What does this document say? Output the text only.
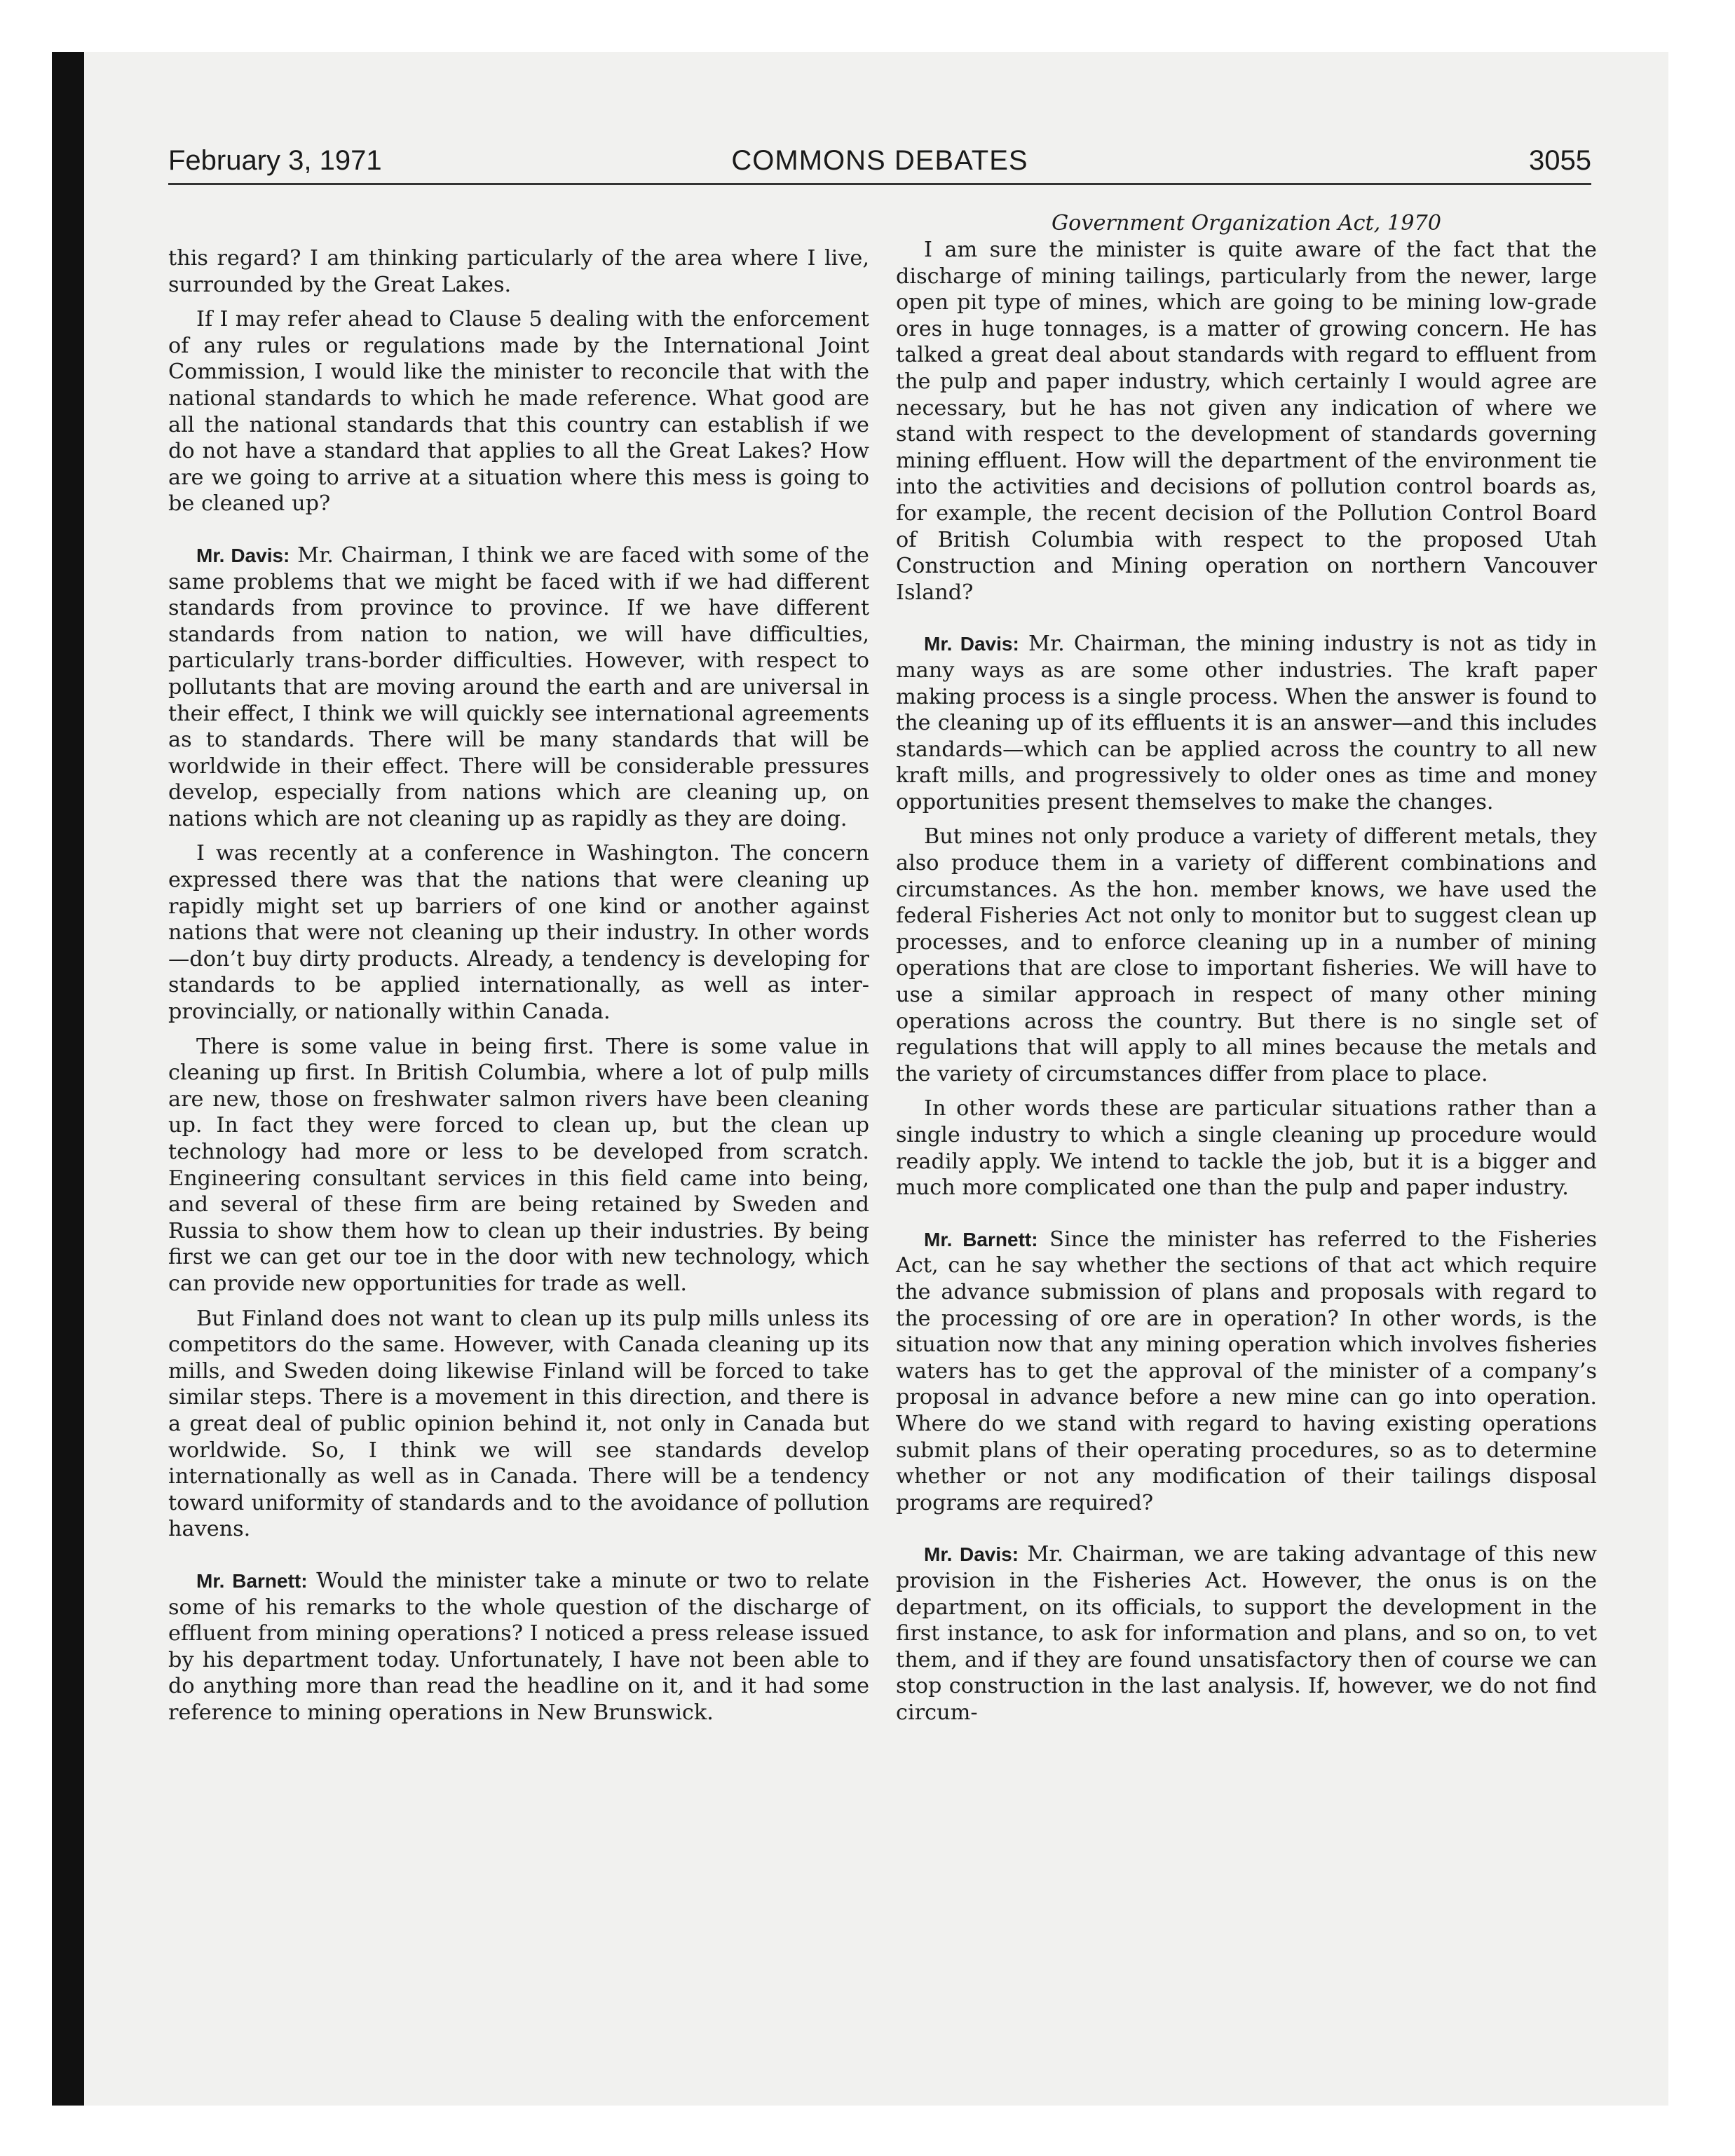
February 3, 1971	COMMONS DEBATES	3055

this regard? I am thinking particularly of the area where I live, surrounded by the Great Lakes.

If I may refer ahead to Clause 5 dealing with the enforcement of any rules or regulations made by the International Joint Commission, I would like the minister to reconcile that with the national standards to which he made reference. What good are all the national standards that this country can establish if we do not have a standard that applies to all the Great Lakes? How are we going to arrive at a situation where this mess is going to be cleaned up?

Mr. Davis: Mr. Chairman, I think we are faced with some of the same problems that we might be faced with if we had different standards from province to province. If we have different standards from nation to nation, we will have difficulties, particularly trans-border difficulties. However, with respect to pollutants that are moving around the earth and are universal in their effect, I think we will quickly see international agreements as to standards. There will be many standards that will be worldwide in their effect. There will be considerable pressures develop, especially from nations which are cleaning up, on nations which are not cleaning up as rapidly as they are doing.

I was recently at a conference in Washington. The concern expressed there was that the nations that were cleaning up rapidly might set up barriers of one kind or another against nations that were not cleaning up their industry. In other words—don’t buy dirty products. Already, a tendency is developing for standards to be applied internationally, as well as inter-provincially, or nationally within Canada.

There is some value in being first. There is some value in cleaning up first. In British Columbia, where a lot of pulp mills are new, those on freshwater salmon rivers have been cleaning up. In fact they were forced to clean up, but the clean up technology had more or less to be developed from scratch. Engineering consultant services in this field came into being, and several of these firm are being retained by Sweden and Russia to show them how to clean up their industries. By being first we can get our toe in the door with new technology, which can provide new opportunities for trade as well.

But Finland does not want to clean up its pulp mills unless its competitors do the same. However, with Canada cleaning up its mills, and Sweden doing likewise Finland will be forced to take similar steps. There is a movement in this direction, and there is a great deal of public opinion behind it, not only in Canada but worldwide. So, I think we will see standards develop internationally as well as in Canada. There will be a tendency toward uniformity of standards and to the avoidance of pollution havens.

Mr. Barnett: Would the minister take a minute or two to relate some of his remarks to the whole question of the discharge of effluent from mining operations? I noticed a press release issued by his department today. Unfortunately, I have not been able to do anything more than read the headline on it, and it had some reference to mining operations in New Brunswick.

Government Organization Act, 1970

I am sure the minister is quite aware of the fact that the discharge of mining tailings, particularly from the newer, large open pit type of mines, which are going to be mining low-grade ores in huge tonnages, is a matter of growing concern. He has talked a great deal about standards with regard to effluent from the pulp and paper industry, which certainly I would agree are necessary, but he has not given any indication of where we stand with respect to the development of standards governing mining effluent. How will the department of the environment tie into the activities and decisions of pollution control boards as, for example, the recent decision of the Pollution Control Board of British Columbia with respect to the proposed Utah Construction and Mining operation on northern Vancouver Island?

Mr. Davis: Mr. Chairman, the mining industry is not as tidy in many ways as are some other industries. The kraft paper making process is a single process. When the answer is found to the cleaning up of its effluents it is an answer—and this includes standards—which can be applied across the country to all new kraft mills, and progressively to older ones as time and money opportunities present themselves to make the changes.

But mines not only produce a variety of different metals, they also produce them in a variety of different combinations and circumstances. As the hon. member knows, we have used the federal Fisheries Act not only to monitor but to suggest clean up processes, and to enforce cleaning up in a number of mining operations that are close to important fisheries. We will have to use a similar approach in respect of many other mining operations across the country. But there is no single set of regulations that will apply to all mines because the metals and the variety of circumstances differ from place to place.

In other words these are particular situations rather than a single industry to which a single cleaning up procedure would readily apply. We intend to tackle the job, but it is a bigger and much more complicated one than the pulp and paper industry.

Mr. Barnett: Since the minister has referred to the Fisheries Act, can he say whether the sections of that act which require the advance submission of plans and proposals with regard to the processing of ore are in operation? In other words, is the situation now that any mining operation which involves fisheries waters has to get the approval of the minister of a company’s proposal in advance before a new mine can go into operation. Where do we stand with regard to having existing operations submit plans of their operating procedures, so as to determine whether or not any modification of their tailings disposal programs are required?

Mr. Davis: Mr. Chairman, we are taking advantage of this new provision in the Fisheries Act. However, the onus is on the department, on its officials, to support the development in the first instance, to ask for information and plans, and so on, to vet them, and if they are found unsatisfactory then of course we can stop construction in the last analysis. If, however, we do not find circum-
